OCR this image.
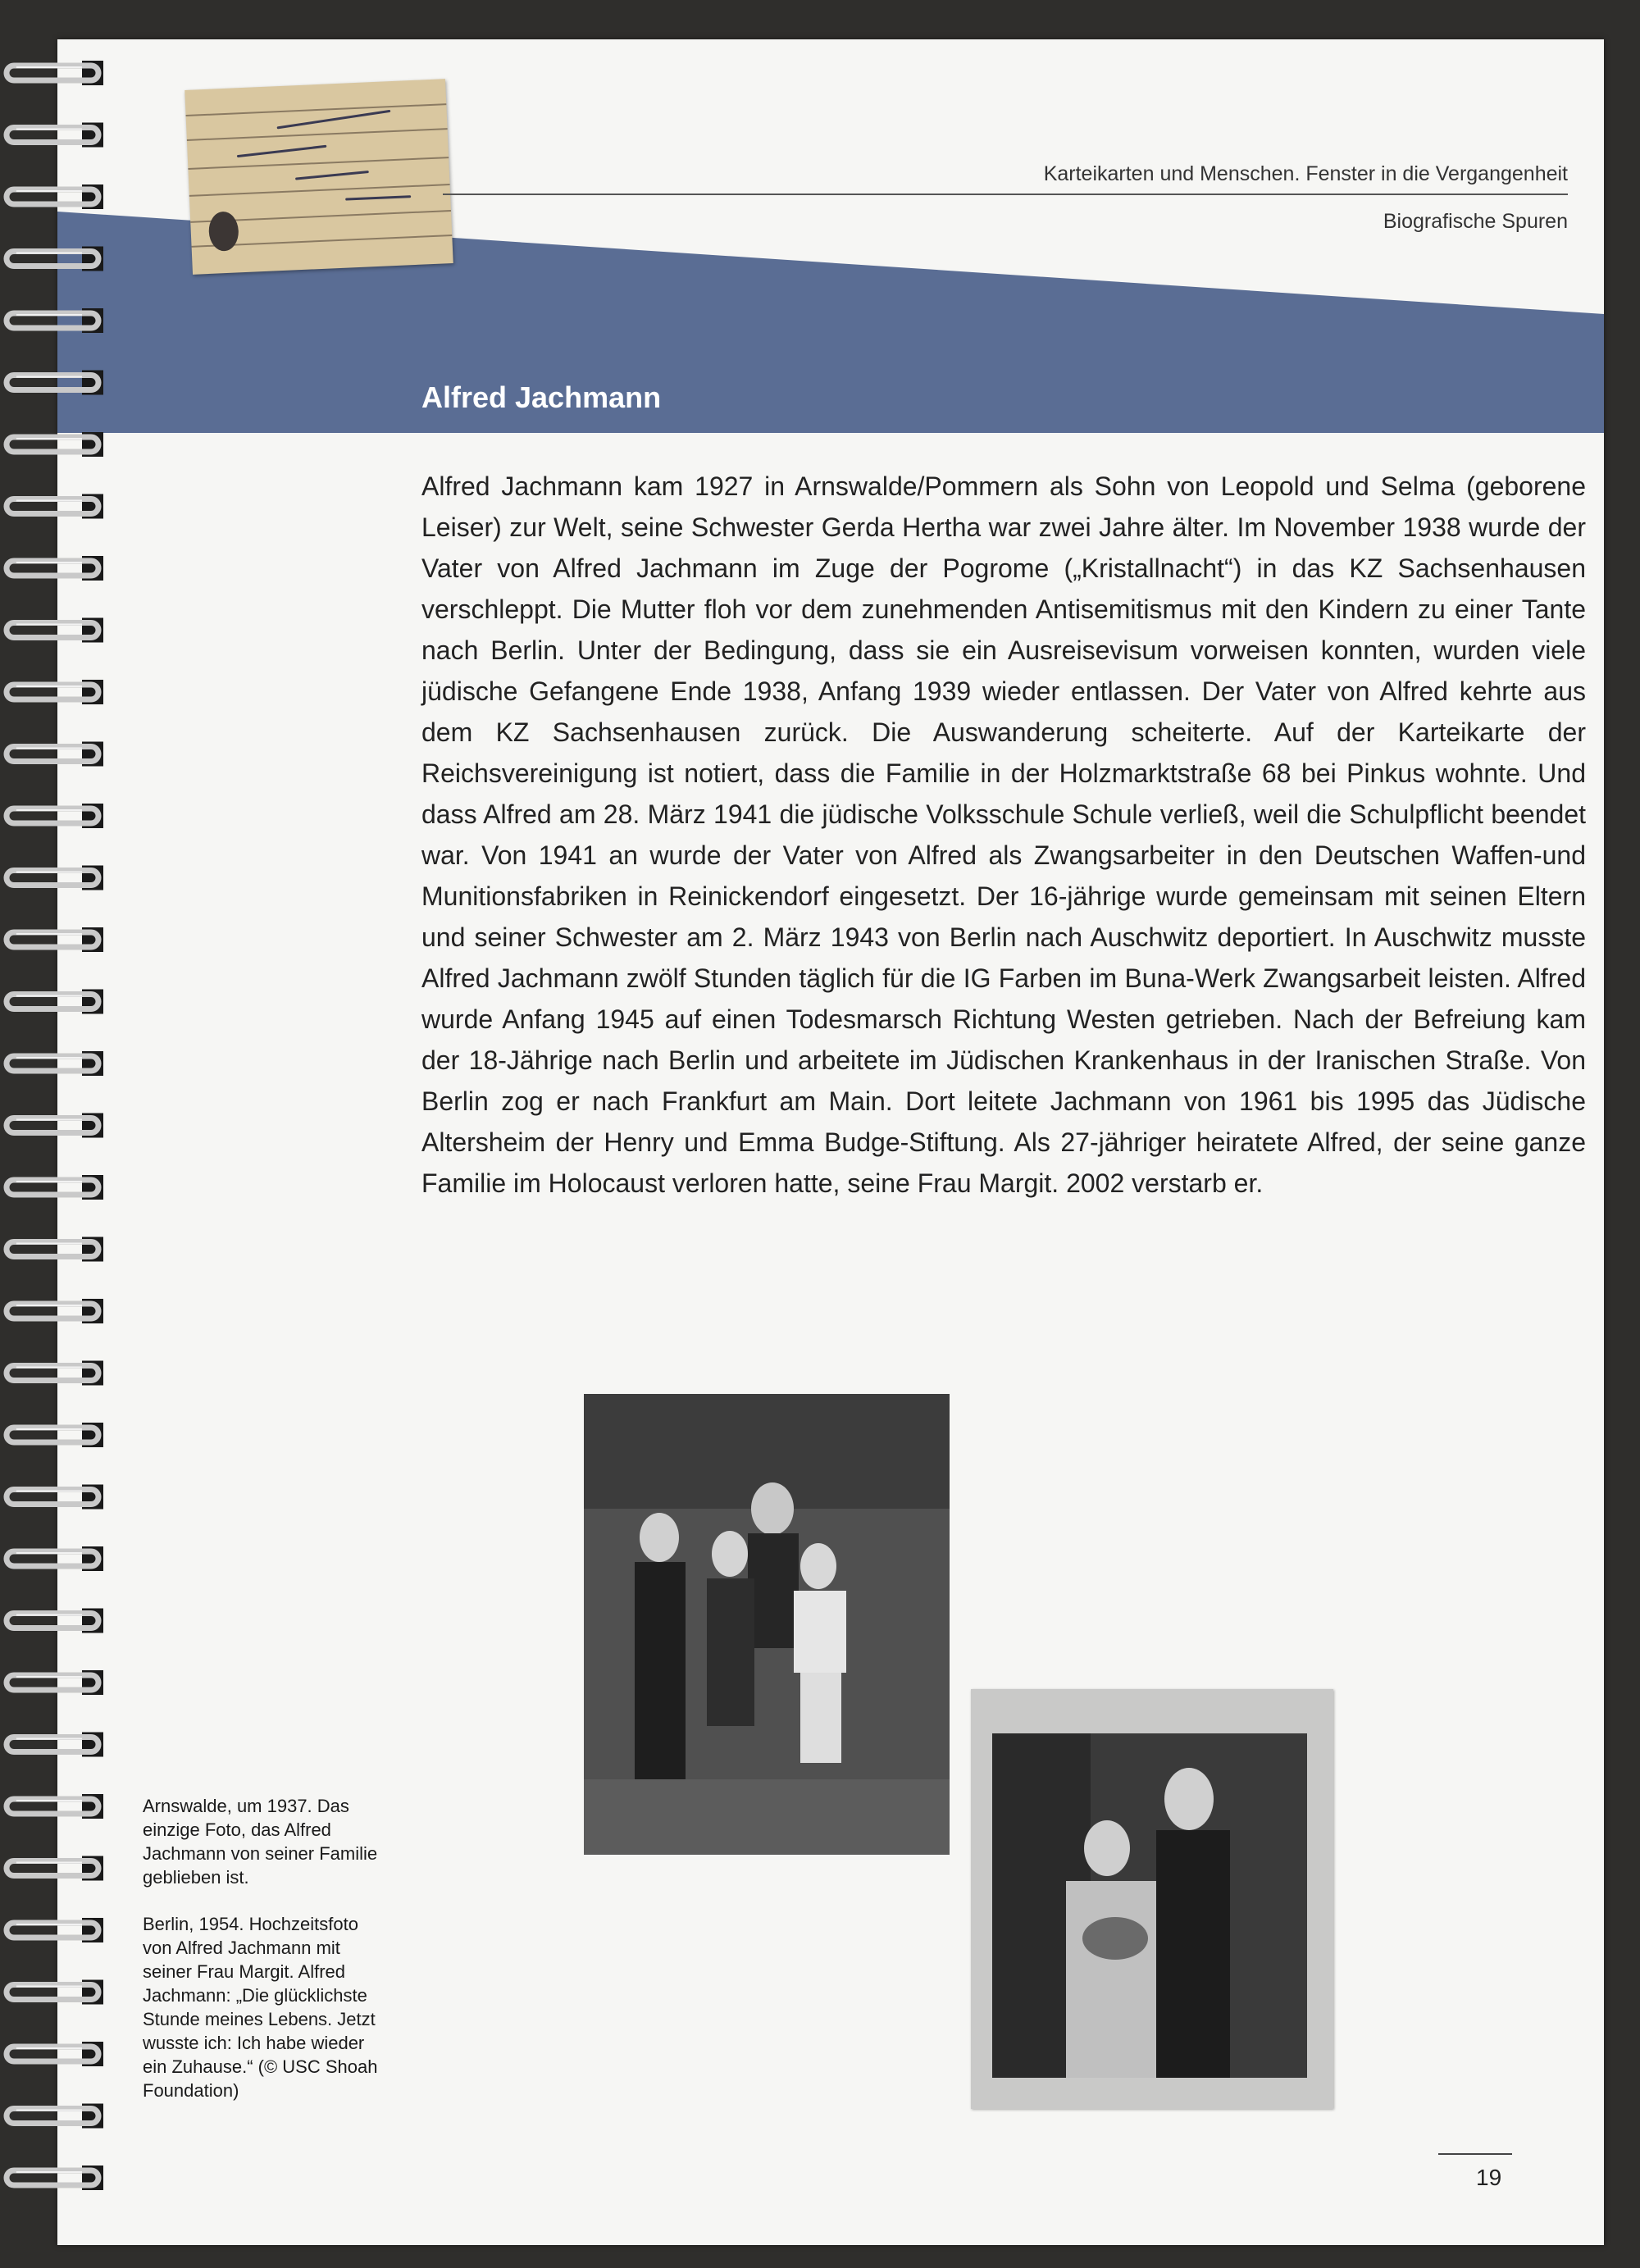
Karteikarten und Menschen. Fenster in die Vergangenheit
Biografische Spuren
Alfred Jachmann
Alfred Jachmann kam 1927 in Arnswalde/Pommern als Sohn von Leopold und Selma (geborene Leiser) zur Welt, seine Schwester Gerda Hertha war zwei Jahre älter. Im November 1938 wurde der Vater von Alfred Jachmann im Zuge der Pogrome („Kristallnacht“) in das KZ Sachsenhausen verschleppt. Die Mutter floh vor dem zunehmenden Antisemitismus mit den Kindern zu einer Tante nach Berlin. Unter der Bedingung, dass sie ein Ausreisevisum vorweisen konnten, wurden viele jüdische Gefangene Ende 1938, Anfang 1939 wieder entlassen. Der Vater von Alfred kehrte aus dem KZ Sachsenhausen zurück. Die Auswanderung scheiterte. Auf der Karteikarte der Reichsvereinigung ist notiert, dass die Familie in der Holzmarktstraße 68 bei Pinkus wohnte. Und dass Alfred am 28. März 1941 die jüdische Volksschule Schule verließ, weil die Schulpflicht beendet war. Von 1941 an wurde der Vater von Alfred als Zwangsarbeiter in den Deutschen Waffen-und Munitionsfabriken in Reinickendorf eingesetzt. Der 16-jährige wurde gemeinsam mit seinen Eltern und seiner Schwester am 2. März 1943 von Berlin nach Auschwitz deportiert. In Auschwitz musste Alfred Jachmann zwölf Stunden täglich für die IG Farben im Buna-Werk Zwangsarbeit leisten. Alfred wurde Anfang 1945 auf einen Todesmarsch Richtung Westen getrieben. Nach der Befreiung kam der 18-Jährige nach Berlin und arbeitete im Jüdischen Krankenhaus in der Iranischen Straße. Von Berlin zog er nach Frankfurt am Main. Dort leitete Jachmann von 1961 bis 1995 das Jüdische Altersheim der Henry und Emma Budge-Stiftung. Als 27-jähriger heiratete Alfred, der seine ganze Familie im Holocaust verloren hatte, seine Frau Margit. 2002 verstarb er.
Arnswalde, um 1937. Das einzige Foto, das Alfred Jachmann von seiner Familie geblieben ist.
Berlin, 1954. Hochzeitsfoto von Alfred Jachmann mit seiner Frau Margit. Alfred Jachmann: „Die glücklichste Stunde meines Lebens. Jetzt wusste ich: Ich habe wieder ein Zuhause.“ (© USC Shoah Foundation)
19
